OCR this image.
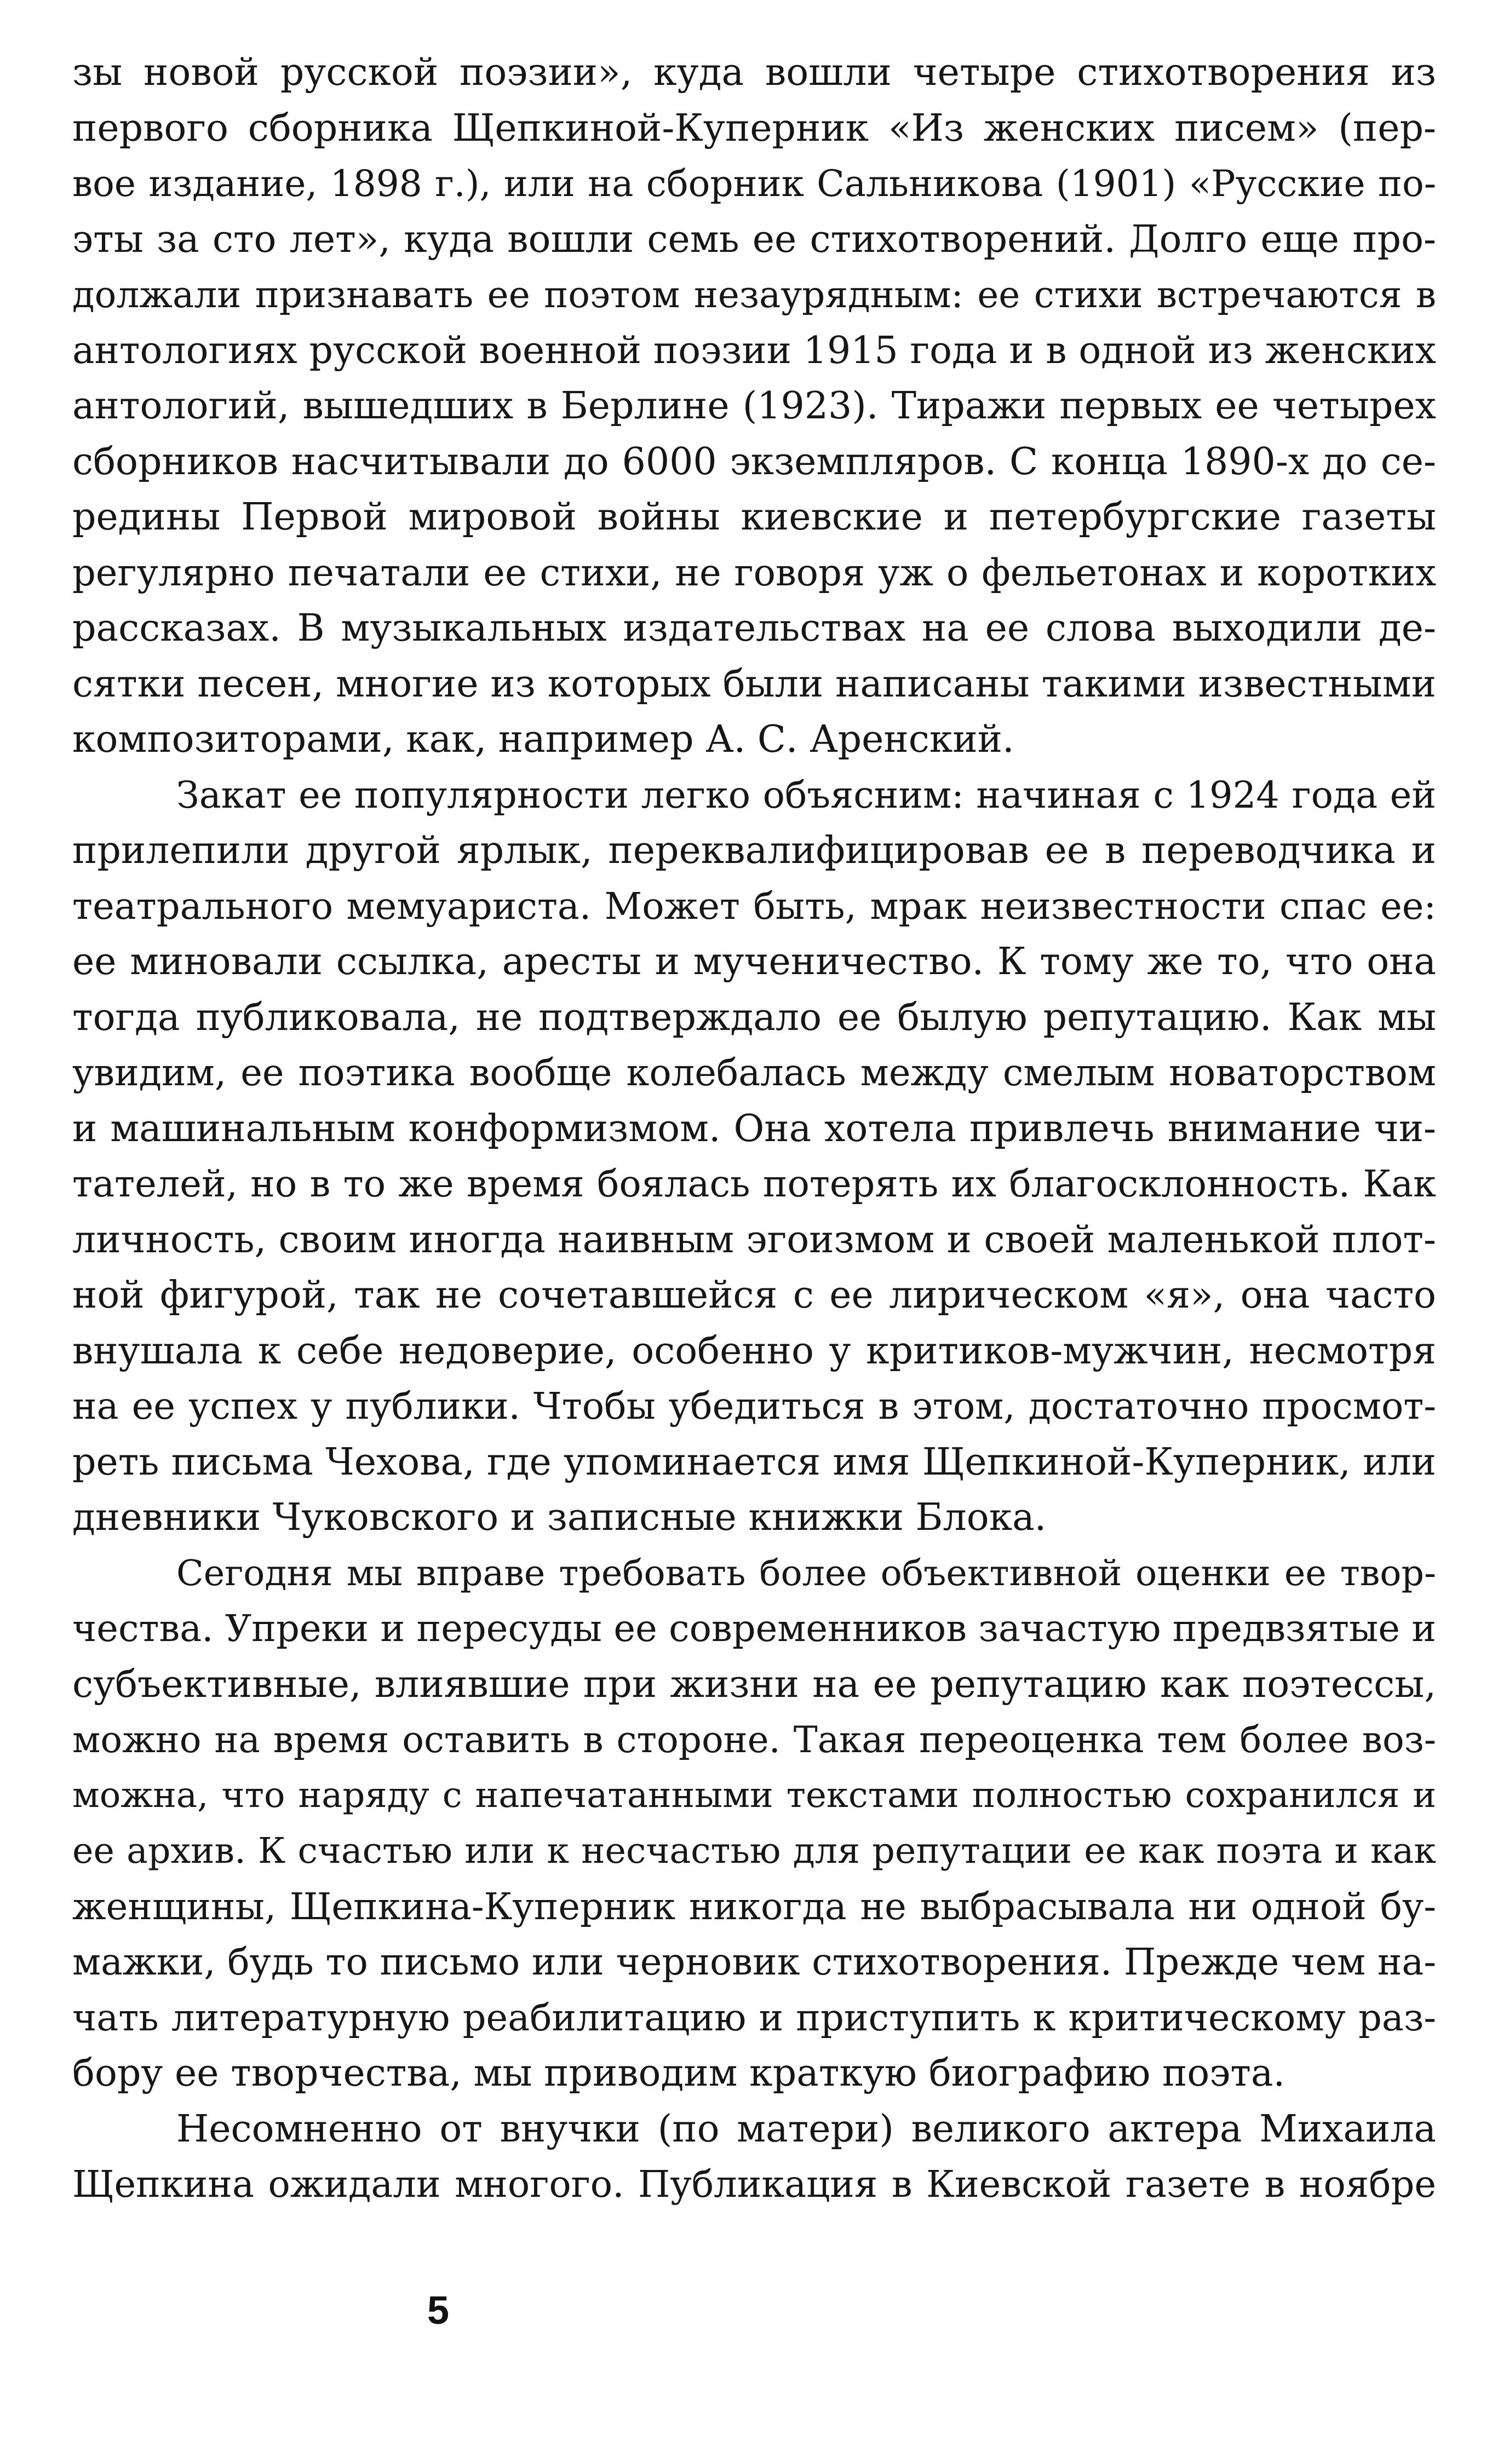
зы новой русской поэзии», куда вошли четыре стихотворения из
первого сборника Щепкиной-Куперник «Из женских писем» (пер-
вое издание, 1898 г.), или на сборник Сальникова (1901) «Русские по-
эты за сто лет», куда вошли семь ее стихотворений. Долго еще про-
должали признавать ее поэтом незаурядным: ее стихи встречаются в
антологиях русской военной поэзии 1915 года и в одной из женских
антологий, вышедших в Берлине (1923). Тиражи первых ее четырех
сборников насчитывали до 6000 экземпляров. С конца 1890-х до се-
редины Первой мировой войны киевские и петербургские газеты
регулярно печатали ее стихи, не говоря уж о фельетонах и коротких
рассказах. В музыкальных издательствах на ее слова выходили де-
сятки песен, многие из которых были написаны такими известными
композиторами, как, например А. С. Аренский.
Закат ее популярности легко объясним: начиная с 1924 года ей
прилепили другой ярлык, переквалифицировав ее в переводчика и
театрального мемуариста. Может быть, мрак неизвестности спас ее:
ее миновали ссылка, аресты и мученичество. К тому же то, что она
тогда публиковала, не подтверждало ее былую репутацию. Как мы
увидим, ее поэтика вообще колебалась между смелым новаторством
и машинальным конформизмом. Она хотела привлечь внимание чи-
тателей, но в то же время боялась потерять их благосклонность. Как
личность, своим иногда наивным эгоизмом и своей маленькой плот-
ной фигурой, так не сочетавшейся с ее лирическом «я», она часто
внушала к себе недоверие, особенно у критиков-мужчин, несмотря
на ее успех у публики. Чтобы убедиться в этом, достаточно просмот-
реть письма Чехова, где упоминается имя Щепкиной-Куперник, или
дневники Чуковского и записные книжки Блока.
Сегодня мы вправе требовать более объективной оценки ее твор-
чества. Упреки и пересуды ее современников зачастую предвзятые и
субъективные, влиявшие при жизни на ее репутацию как поэтессы,
можно на время оставить в стороне. Такая переоценка тем более воз-
можна, что наряду с напечатанными текстами полностью сохранился и
ее архив. К счастью или к несчастью для репутации ее как поэта и как
женщины, Щепкина-Куперник никогда не выбрасывала ни одной бу-
мажки, будь то письмо или черновик стихотворения. Прежде чем на-
чать литературную реабилитацию и приступить к критическому раз-
бору ее творчества, мы приводим краткую биографию поэта.
Несомненно от внучки (по матери) великого актера Михаила
Щепкина ожидали многого. Публикация в Киевской газете в ноябре
5
